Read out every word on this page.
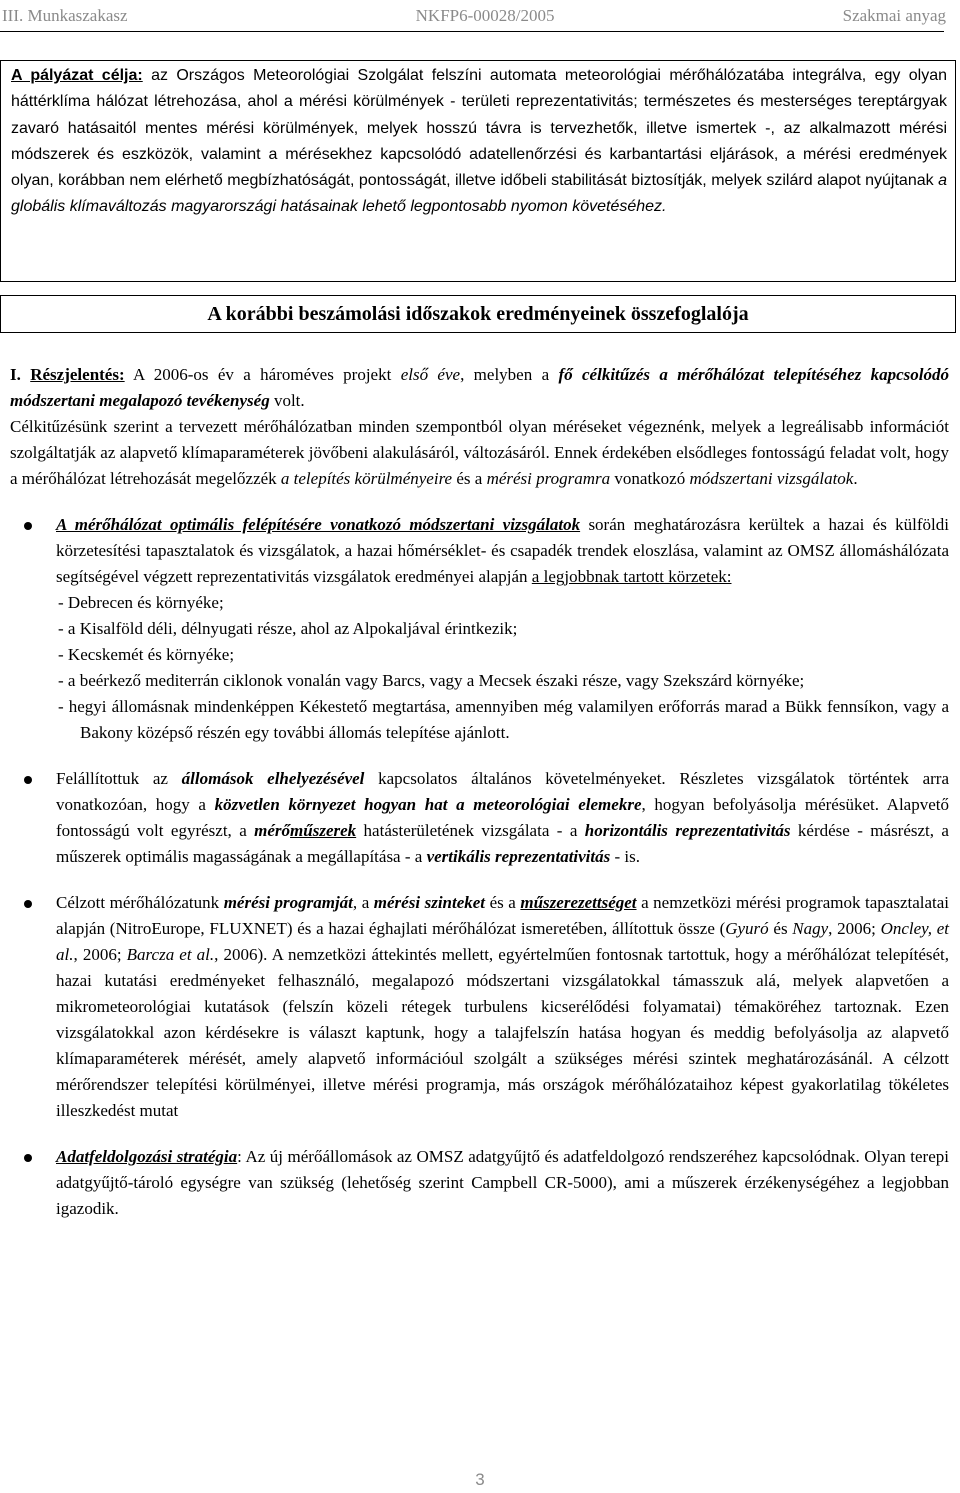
III. Munkaszakasz	NKFP6-00028/2005	Szakmai anyag
A pályázat célja: az Országos Meteorológiai Szolgálat felszíni automata meteorológiai mérőhálózatába integrálva, egy olyan háttérklíma hálózat létrehozása, ahol a mérési körülmények - területi reprezentativitás; természetes és mesterséges tereptárgyak zavaró hatásaitól mentes mérési körülmények, melyek hosszú távra is tervezhetők, illetve ismertek -, az alkalmazott mérési módszerek és eszközök, valamint a mérésekhez kapcsolódó adatellenőrzési és karbantartási eljárások, a mérési eredmények olyan, korábban nem elérhető megbízhatóságát, pontosságát, illetve időbeli stabilitását biztosítják, melyek szilárd alapot nyújtanak a globális klímaváltozás magyarországi hatásainak lehető legpontosabb nyomon követéséhez.
A korábbi beszámolási időszakok eredményeinek összefoglalója

I. Részjelentés: A 2006-os év a hároméves projekt első éve, melyben a fő célkitűzés a mérőhálózat telepítéséhez kapcsolódó módszertani megalapozó tevékenység volt.

Célkitűzésünk szerint a tervezett mérőhálózatban minden szempontból olyan méréseket végeznénk, melyek a legreálisabb információt szolgáltatják az alapvető klímaparaméterek jövőbeni alakulásáról, változásáról. Ennek érdekében elsődleges fontosságú feladat volt, hogy a mérőhálózat létrehozását megelőzzék a telepítés körülményeire és a mérési programra vonatkozó módszertani vizsgálatok.

A mérőhálózat optimális felépítésére vonatkozó módszertani vizsgálatok során meghatározásra kerültek a hazai és külföldi körzetesítési tapasztalatok és vizsgálatok, a hazai hőmérséklet- és csapadék trendek eloszlása, valamint az OMSZ állomáshálózata segítségével végzett reprezentativitás vizsgálatok eredményei alapján a legjobbnak tartott körzetek:

- Debrecen és környéke;

- a Kisalföld déli, délnyugati része, ahol az Alpokaljával érintkezik;

- Kecskemét és környéke;

- a beérkező mediterrán ciklonok vonalán vagy Barcs, vagy a Mecsek északi része, vagy Szekszárd környéke;

- hegyi állomásnak mindenképpen Kékestető megtartása, amennyiben még valamilyen erőforrás marad a Bükk fennsíkon, vagy a Bakony középső részén egy további állomás telepítése ajánlott.

Felállítottuk az állomások elhelyezésével kapcsolatos általános követelményeket. Részletes vizsgálatok történtek arra vonatkozóan, hogy a közvetlen környezet hogyan hat a meteorológiai elemekre, hogyan befolyásolja mérésüket. Alapvető fontosságú volt egyrészt, a mérőműszerek hatásterületének vizsgálata - a horizontális reprezentativitás kérdése - másrészt, a műszerek optimális magasságának a megállapítása - a vertikális reprezentativitás - is.

Célzott mérőhálózatunk mérési programját, a mérési szinteket és a műszerezettséget a nemzetközi mérési programok tapasztalatai alapján (NitroEurope, FLUXNET) és a hazai éghajlati mérőhálózat ismeretében, állítottuk össze (Gyuró és Nagy, 2006; Oncley, et al., 2006; Barcza et al., 2006). A nemzetközi áttekintés mellett, egyértelműen fontosnak tartottuk, hogy a mérőhálózat telepítését, hazai kutatási eredményeket felhasználó, megalapozó módszertani vizsgálatokkal támasszuk alá, melyek alapvetően a mikrometeorológiai kutatások (felszín közeli rétegek turbulens kicserélődési folyamatai) témaköréhez tartoznak. Ezen vizsgálatokkal azon kérdésekre is választ kaptunk, hogy a talajfelszín hatása hogyan és meddig befolyásolja az alapvető klímaparaméterek mérését, amely alapvető információul szolgált a szükséges mérési szintek meghatározásánál. A célzott mérőrendszer telepítési körülményei, illetve mérési programja, más országok mérőhálózataihoz képest gyakorlatilag tökéletes illeszkedést mutat

Adatfeldolgozási stratégia: Az új mérőállomások az OMSZ adatgyűjtő és adatfeldolgozó rendszeréhez kapcsolódnak. Olyan terepi adatgyűjtő-tároló egységre van szükség (lehetőség szerint Campbell CR-5000), ami a műszerek érzékenységéhez a legjobban igazodik.

3
